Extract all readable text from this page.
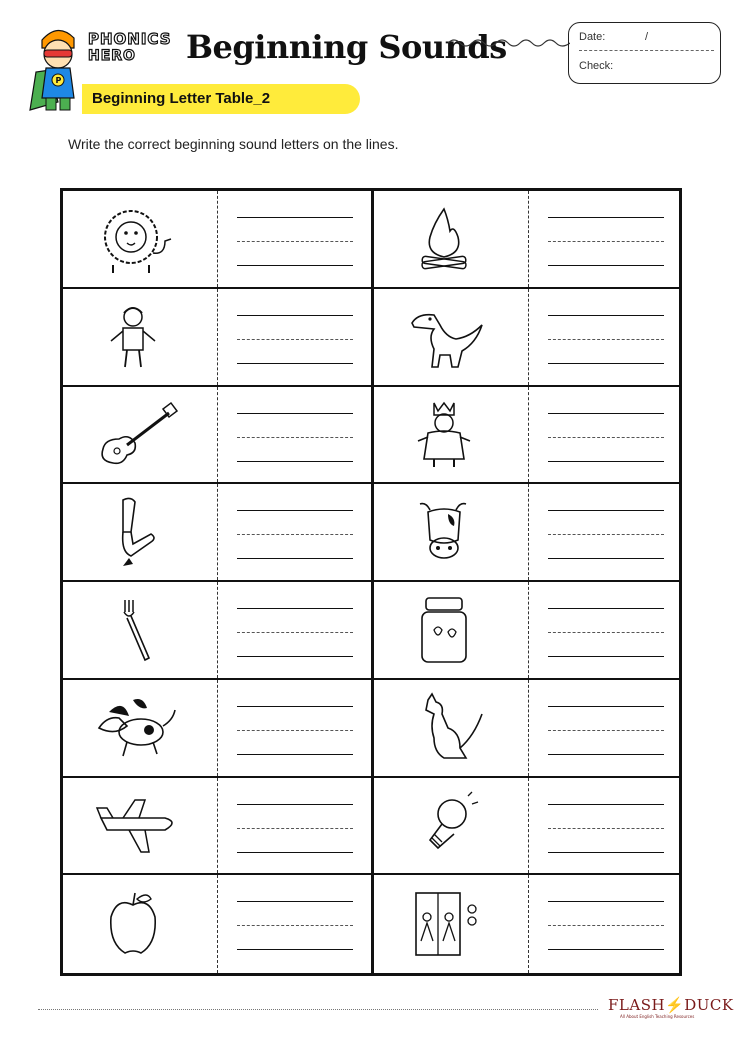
P
PHONICS
HERO	Beginning Sounds	Date:	/
Check:
Beginning Letter Table_2
Write the correct beginning sound letters on the lines.
FLASH⚡DUCK
All About English Teaching Resources
